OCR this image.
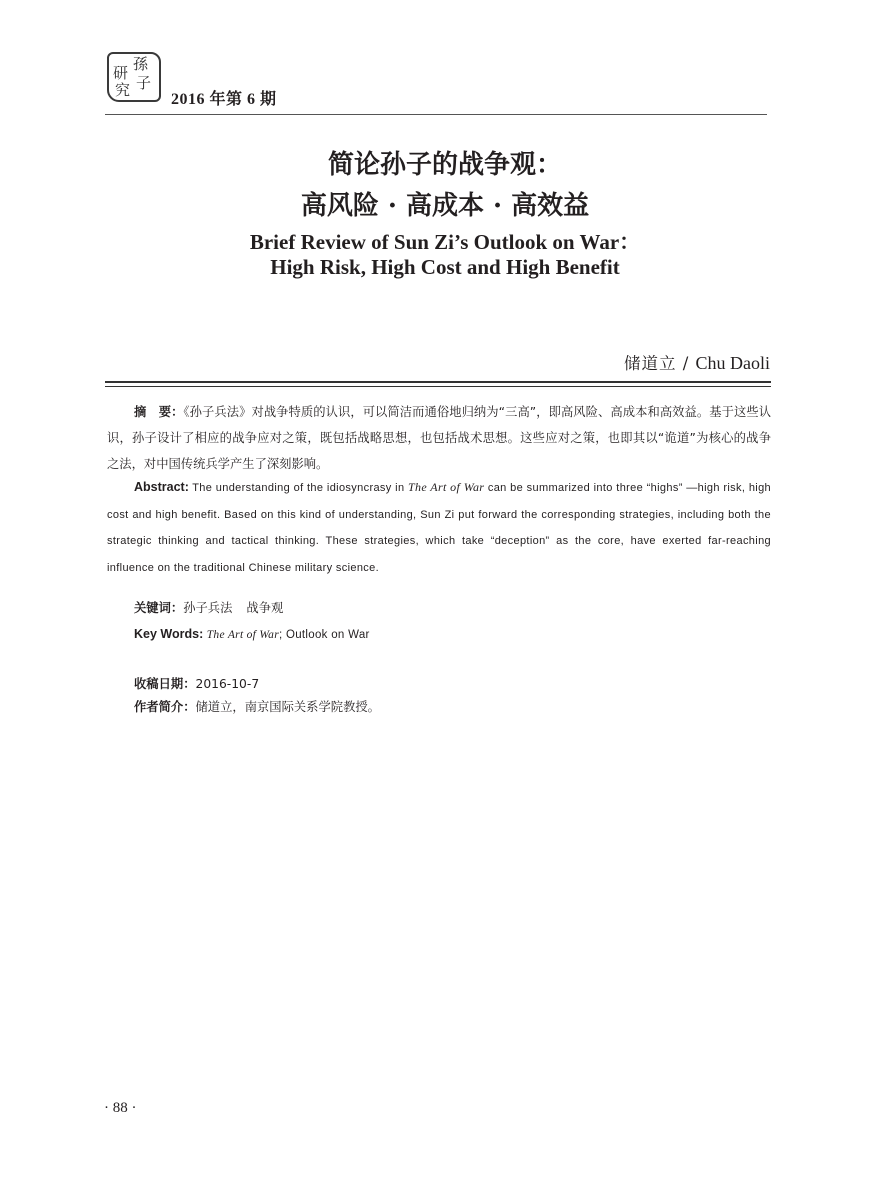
研 孫
究 子
2016 年第 6 期
简论孙子的战争观：
高风险 · 高成本 · 高效益
Brief Review of Sun Zi’s Outlook on War：
High Risk, High Cost and High Benefit
储道立 / Chu Daoli

摘　要：《孙子兵法》对战争特质的认识，可以简洁而通俗地归纳为“三高”，即高风险、高成本和高效益。基于这些认识，孙子设计了相应的战争应对之策，既包括战略思想，也包括战术思想。这些应对之策，也即其以“诡道”为核心的战争之法，对中国传统兵学产生了深刻影响。

Abstract: The understanding of the idiosyncrasy in The Art of War can be summarized into three “highs” —high risk, high cost and high benefit. Based on this kind of understanding, Sun Zi put forward the corresponding strategies, including both the strategic thinking and tactical thinking. These strategies, which take “deception” as the core, have exerted far-reaching influence on the traditional Chinese military science.

关键词：孙子兵法 战争观
Key Words: The Art of War; Outlook on War
收稿日期：2016-10-7
作者简介：储道立，南京国际关系学院教授。
· 88 ·
